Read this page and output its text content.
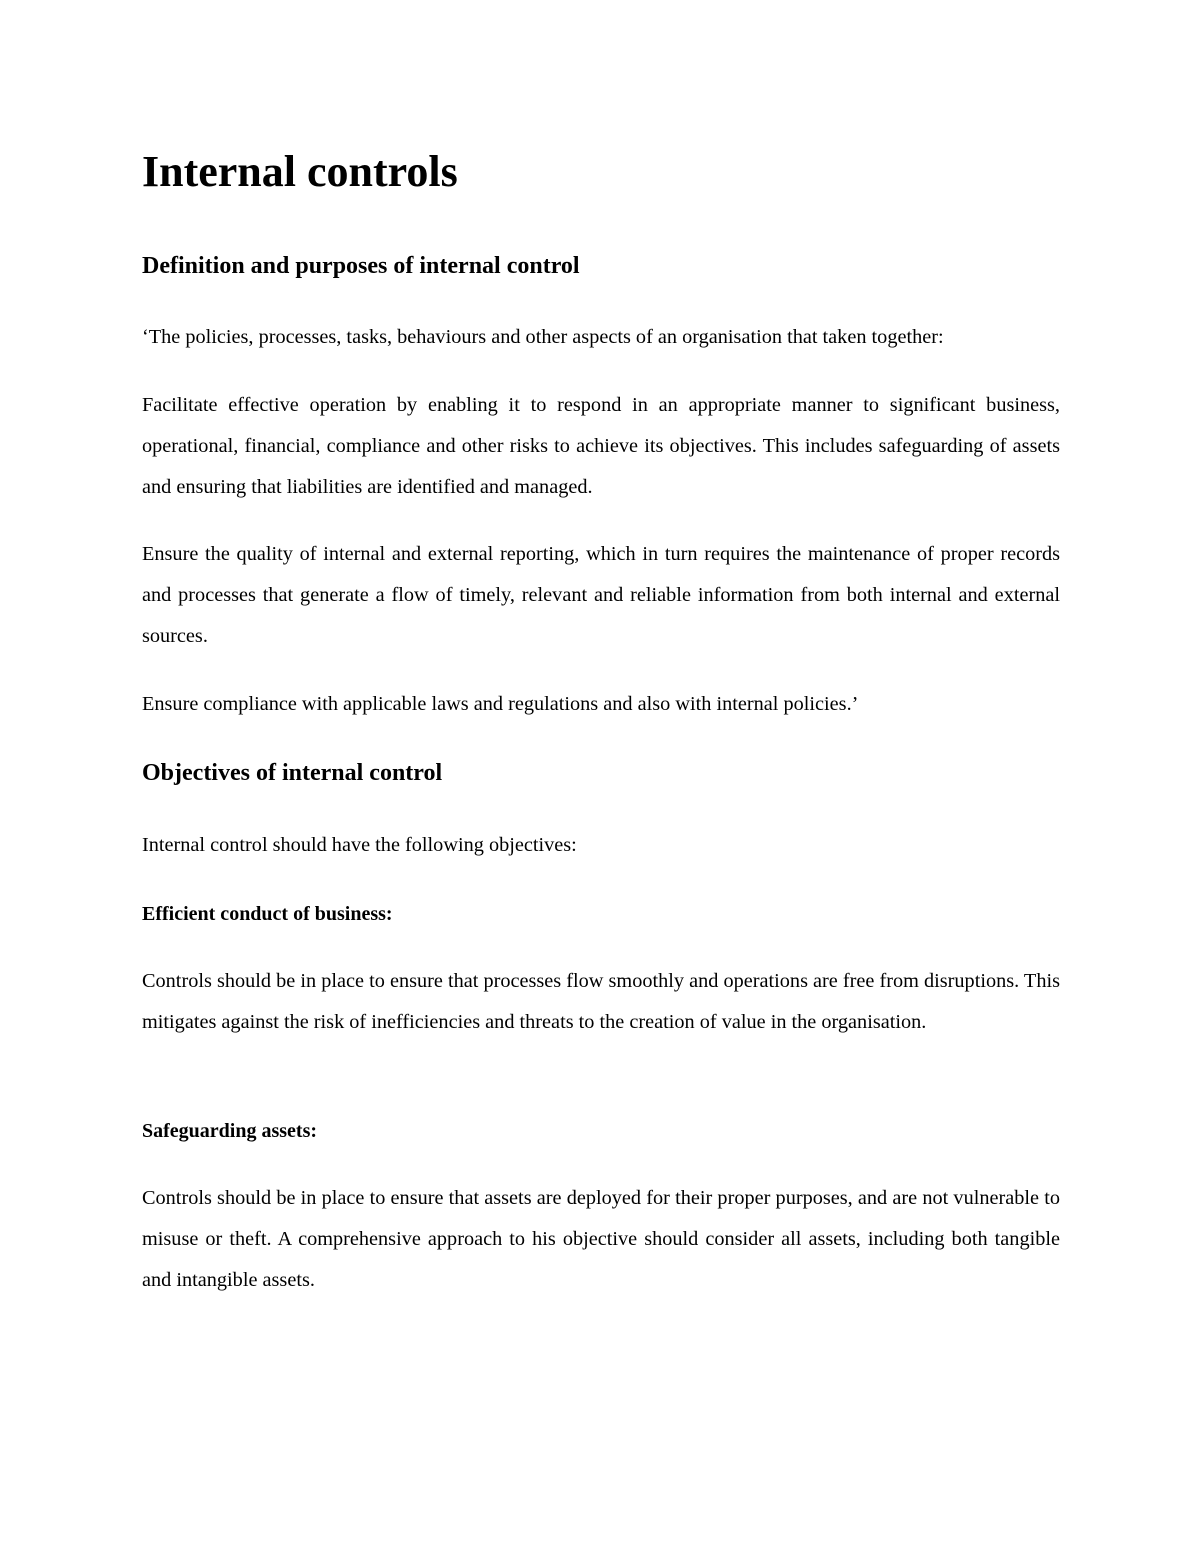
Internal controls
Definition and purposes of internal control

‘The policies, processes, tasks, behaviours and other aspects of an organisation that taken together:

Facilitate effective operation by enabling it to respond in an appropriate manner to significant business, operational, financial, compliance and other risks to achieve its objectives. This includes safeguarding of assets and ensuring that liabilities are identified and managed.

Ensure the quality of internal and external reporting, which in turn requires the maintenance of proper records and processes that generate a flow of timely, relevant and reliable information from both internal and external sources.

Ensure compliance with applicable laws and regulations and also with internal policies.’

Objectives of internal control

Internal control should have the following objectives:

Efficient conduct of business:

Controls should be in place to ensure that processes flow smoothly and operations are free from disruptions. This mitigates against the risk of inefficiencies and threats to the creation of value in the organisation.

Safeguarding assets:

Controls should be in place to ensure that assets are deployed for their proper purposes, and are not vulnerable to misuse or theft. A comprehensive approach to his objective should consider all assets, including both tangible and intangible assets.
